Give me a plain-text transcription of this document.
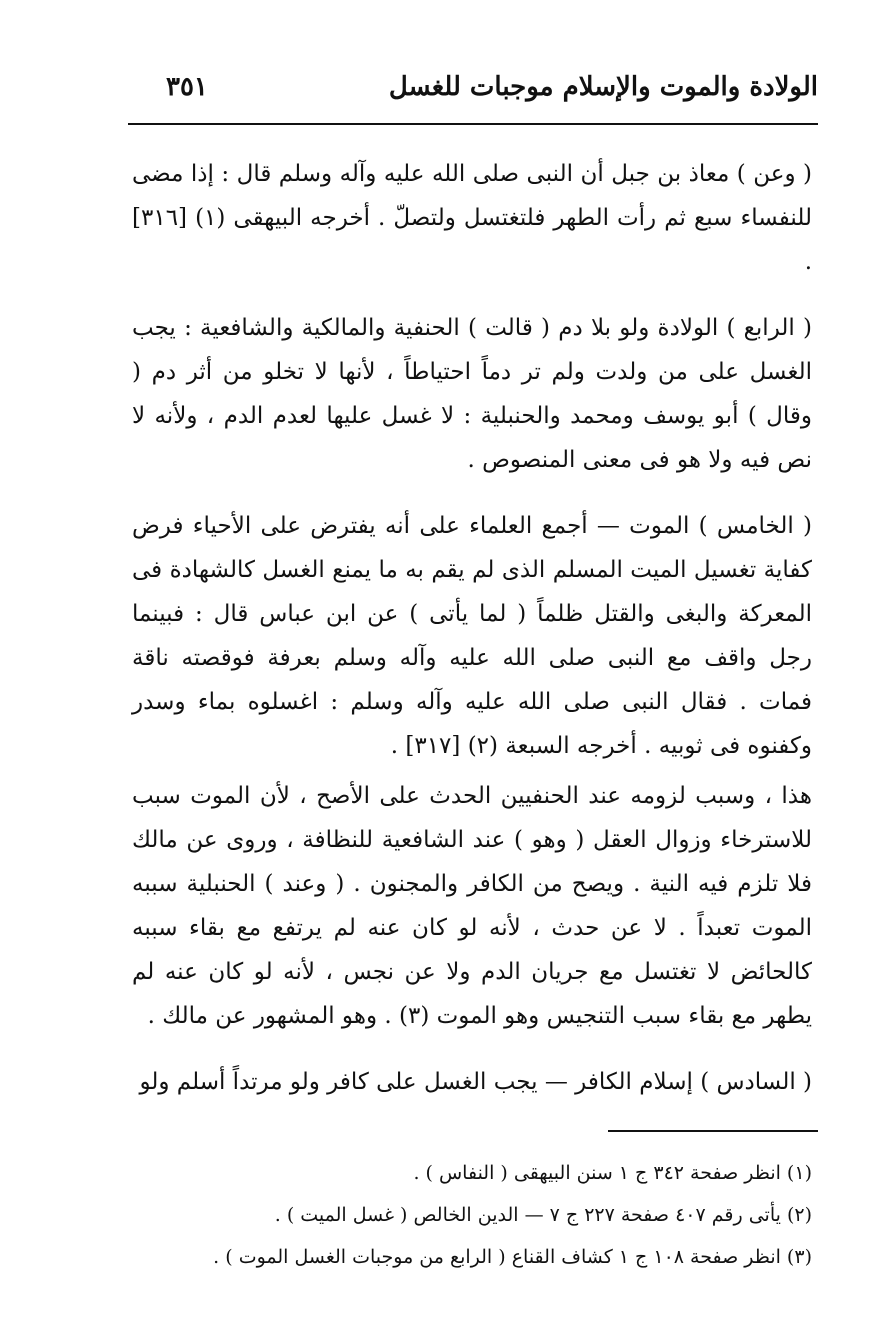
الولادة والموت والإسلام موجبات للغسل
٣٥١

( وعن ) معاذ بن جبل أن النبى صلى الله عليه وآله وسلم قال : إذا مضى للنفساء سبع ثم رأت الطهر فلتغتسل ولتصلّ . أخرجه البيهقى (١) [٣١٦] .

( الرابع ) الولادة ولو بلا دم ( قالت ) الحنفية والمالكية والشافعية : يجب الغسل على من ولدت ولم تر دماً احتياطاً ، لأنها لا تخلو من أثر دم ( وقال ) أبو يوسف ومحمد والحنبلية : لا غسل عليها لعدم الدم ، ولأنه لا نص فيه ولا هو فى معنى المنصوص .

( الخامس ) الموت — أجمع العلماء على أنه يفترض على الأحياء فرض كفاية تغسيل الميت المسلم الذى لم يقم به ما يمنع الغسل كالشهادة فى المعركة والبغى والقتل ظلماً ( لما يأتى ) عن ابن عباس قال : فبينما رجل واقف مع النبى صلى الله عليه وآله وسلم بعرفة فوقصته ناقة فمات . فقال النبى صلى الله عليه وآله وسلم : اغسلوه بماء وسدر وكفنوه فى ثوبيه . أخرجه السبعة (٢) [٣١٧] .

هذا ، وسبب لزومه عند الحنفيين الحدث على الأصح ، لأن الموت سبب للاسترخاء وزوال العقل ( وهو ) عند الشافعية للنظافة ، وروى عن مالك فلا تلزم فيه النية . ويصح من الكافر والمجنون . ( وعند ) الحنبلية سببه الموت تعبداً . لا عن حدث ، لأنه لو كان عنه لم يرتفع مع بقاء سببه كالحائض لا تغتسل مع جريان الدم ولا عن نجس ، لأنه لو كان عنه لم يطهر مع بقاء سبب التنجيس وهو الموت (٣) . وهو المشهور عن مالك .

( السادس ) إسلام الكافر — يجب الغسل على كافر ولو مرتداً أسلم ولو

(١) انظر صفحة ٣٤٢ ج ١ سنن البيهقى ( النفاس ) .
(٢) يأتى رقم ٤٠٧ صفحة ٢٢٧ ج ٧ — الدين الخالص ( غسل الميت ) .
(٣) انظر صفحة ١٠٨ ج ١ كشاف القناع ( الرابع من موجبات الغسل الموت ) .
